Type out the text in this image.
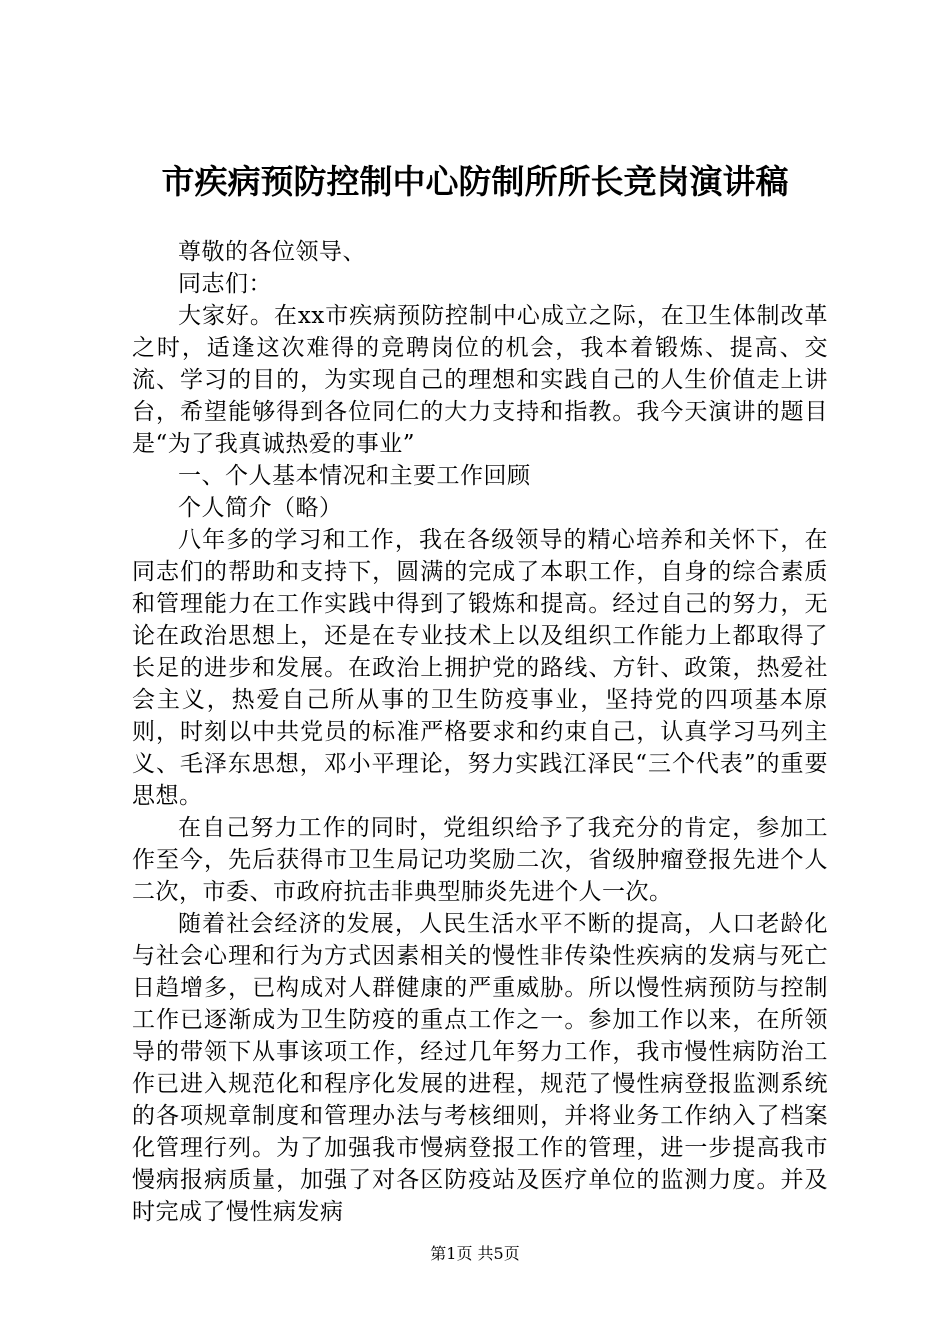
市疾病预防控制中心防制所所长竞岗演讲稿

尊敬的各位领导、

同志们：

大家好。在xx市疾病预防控制中心成立之际，在卫生体制改革之时，适逢这次难得的竞聘岗位的机会，我本着锻炼、提高、交流、学习的目的，为实现自己的理想和实践自己的人生价值走上讲台，希望能够得到各位同仁的大力支持和指教。我今天演讲的题目是“为了我真诚热爱的事业”

一、个人基本情况和主要工作回顾

个人简介（略）

八年多的学习和工作，我在各级领导的精心培养和关怀下，在同志们的帮助和支持下，圆满的完成了本职工作，自身的综合素质和管理能力在工作实践中得到了锻炼和提高。经过自己的努力，无论在政治思想上，还是在专业技术上以及组织工作能力上都取得了长足的进步和发展。在政治上拥护党的路线、方针、政策，热爱社会主义，热爱自己所从事的卫生防疫事业，坚持党的四项基本原则，时刻以中共党员的标准严格要求和约束自己，认真学习马列主义、毛泽东思想，邓小平理论，努力实践江泽民“三个代表”的重要思想。

在自己努力工作的同时，党组织给予了我充分的肯定，参加工作至今，先后获得市卫生局记功奖励二次，省级肿瘤登报先进个人二次，市委、市政府抗击非典型肺炎先进个人一次。

随着社会经济的发展，人民生活水平不断的提高，人口老龄化与社会心理和行为方式因素相关的慢性非传染性疾病的发病与死亡日趋增多，已构成对人群健康的严重威胁。所以慢性病预防与控制工作已逐渐成为卫生防疫的重点工作之一。参加工作以来，在所领导的带领下从事该项工作，经过几年努力工作，我市慢性病防治工作已进入规范化和程序化发展的进程，规范了慢性病登报监测系统的各项规章制度和管理办法与考核细则，并将业务工作纳入了档案化管理行列。为了加强我市慢病登报工作的管理，进一步提高我市慢病报病质量，加强了对各区防疫站及医疗单位的监测力度。并及时完成了慢性病发病

第1页 共5页
